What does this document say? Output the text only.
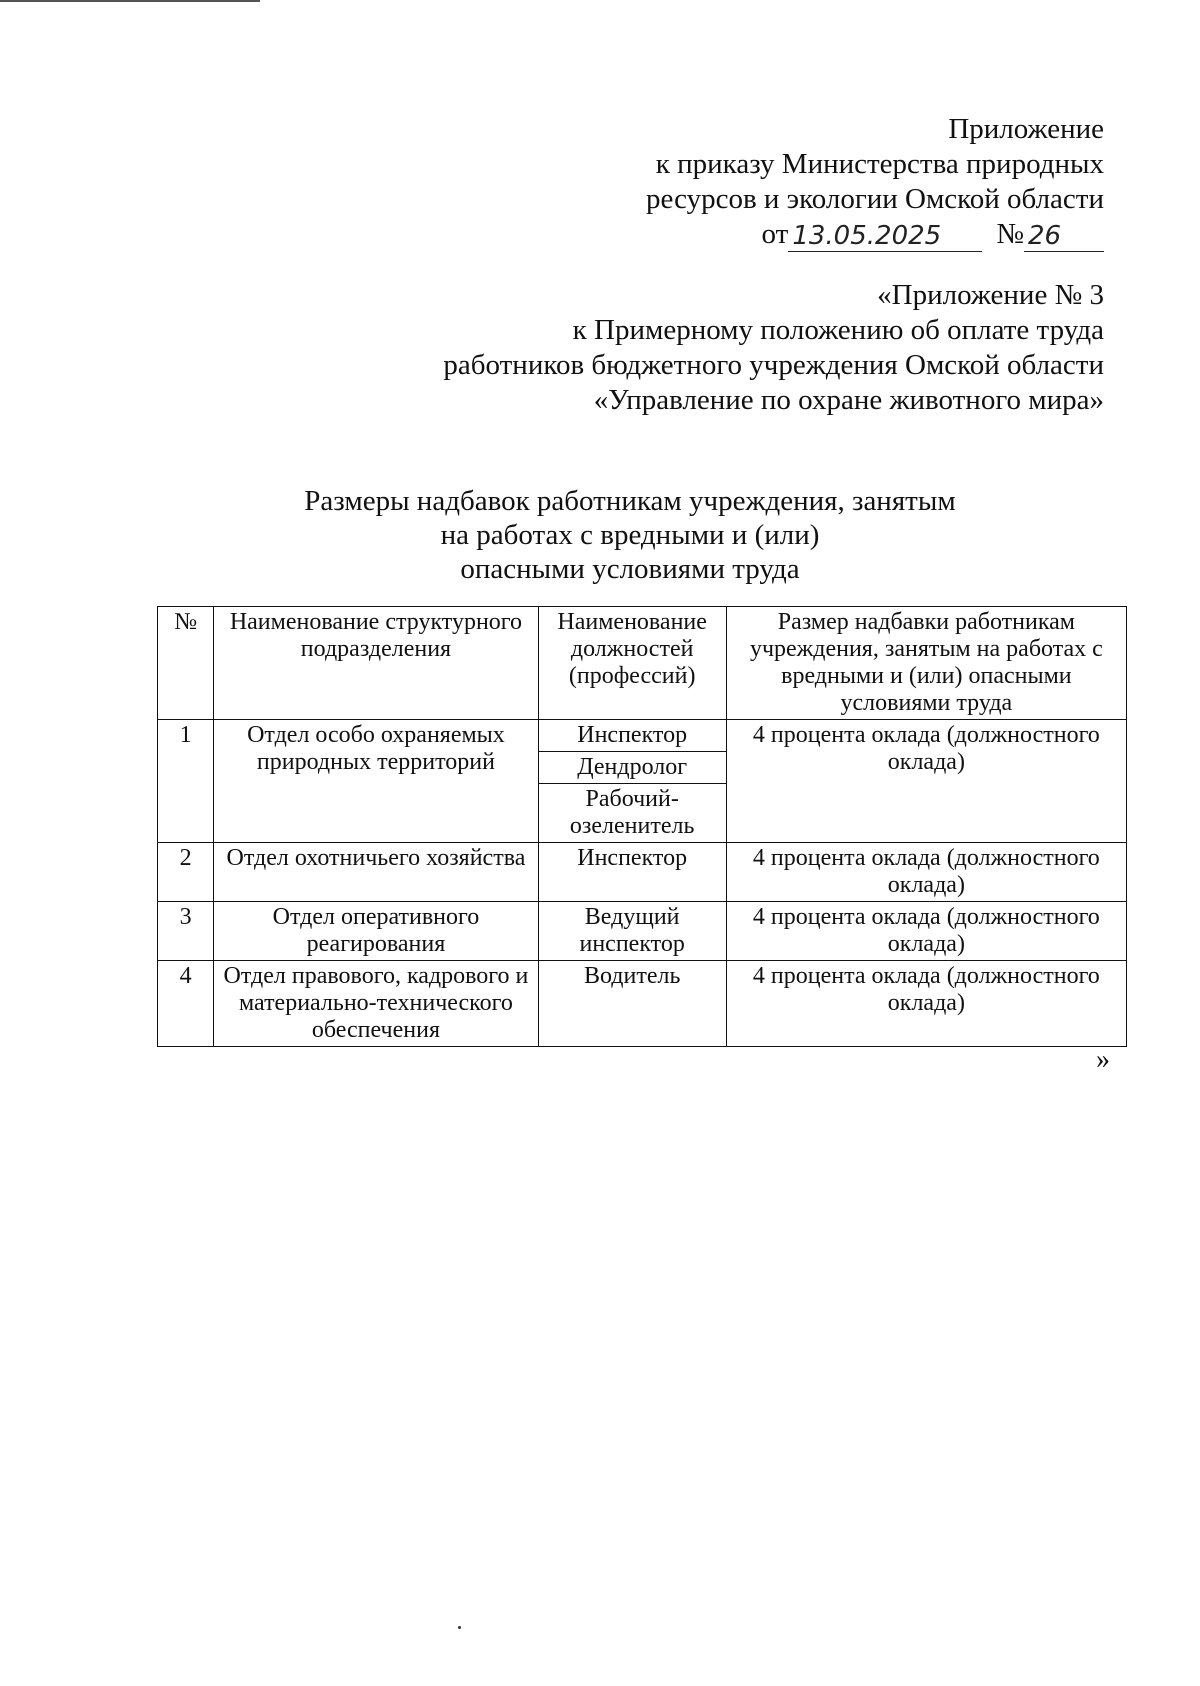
Приложение
к приказу Министерства природных
ресурсов и экологии Омской области
от 13.05.2025	№ 26
«Приложение № 3
к Примерному положению об оплате труда
работников бюджетного учреждения Омской области
«Управление по охране животного мира»
Размеры надбавок работникам учреждения, занятым
на работах с вредными и (или)
опасными условиями труда
№	Наименование структурного подразделения	Наименование должностей (профессий)	Размер надбавки работникам учреждения, занятым на работах с вредными и (или) опасными условиями труда
1	Отдел особо охраняемых природных территорий	Инспектор	4 процента оклада (должностного оклада)
		Дендролог	
		Рабочий-озеленитель	
2	Отдел охотничьего хозяйства	Инспектор	4 процента оклада (должностного оклада)
3	Отдел оперативного реагирования	Ведущий инспектор	4 процента оклада (должностного оклада)
4	Отдел правового, кадрового и материально-технического обеспечения	Водитель	4 процента оклада (должностного оклада)
»
